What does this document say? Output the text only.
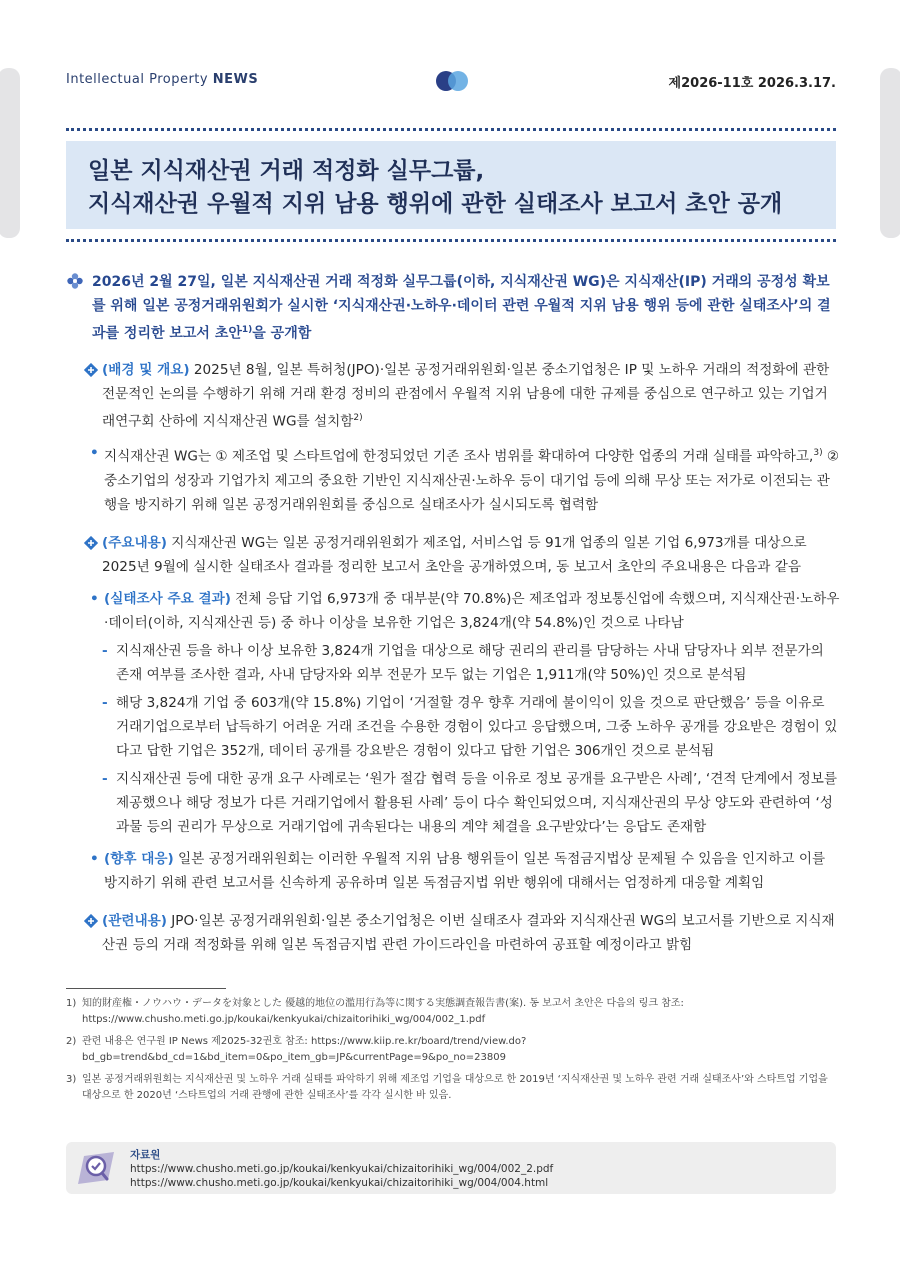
Intellectual Property NEWS	제2026-11호 2026.3.17.
일본 지식재산권 거래 적정화 실무그룹,
지식재산권 우월적 지위 남용 행위에 관한 실태조사 보고서 초안 공개
2026년 2월 27일, 일본 지식재산권 거래 적정화 실무그룹(이하, 지식재산권 WG)은 지식재산(IP) 거래의 공정성 확보를 위해 일본 공정거래위원회가 실시한 ‘지식재산권·노하우·데이터 관련 우월적 지위 남용 행위 등에 관한 실태조사’의 결과를 정리한 보고서 초안$^{1)}$을 공개함
(배경 및 개요) 2025년 8월, 일본 특허청(JPO)·일본 공정거래위원회·일본 중소기업청은 IP 및 노하우 거래의 적정화에 관한 전문적인 논의를 수행하기 위해 거래 환경 정비의 관점에서 우월적 지위 남용에 대한 규제를 중심으로 연구하고 있는 기업거래연구회 산하에 지식재산권 WG를 설치함$^{2)}$
• 지식재산권 WG는 ① 제조업 및 스타트업에 한정되었던 기존 조사 범위를 확대하여 다양한 업종의 거래 실태를 파악하고,$^{3)}$ ② 중소기업의 성장과 기업가치 제고의 중요한 기반인 지식재산권·노하우 등이 대기업 등에 의해 무상 또는 저가로 이전되는 관행을 방지하기 위해 일본 공정거래위원회를 중심으로 실태조사가 실시되도록 협력함
(주요내용) 지식재산권 WG는 일본 공정거래위원회가 제조업, 서비스업 등 91개 업종의 일본 기업 6,973개를 대상으로 2025년 9월에 실시한 실태조사 결과를 정리한 보고서 초안을 공개하였으며, 동 보고서 초안의 주요내용은 다음과 같음
• (실태조사 주요 결과) 전체 응답 기업 6,973개 중 대부분(약 70.8%)은 제조업과 정보통신업에 속했으며, 지식재산권·노하우·데이터(이하, 지식재산권 등) 중 하나 이상을 보유한 기업은 3,824개(약 54.8%)인 것으로 나타남
- 지식재산권 등을 하나 이상 보유한 3,824개 기업을 대상으로 해당 권리의 관리를 담당하는 사내 담당자나 외부 전문가의 존재 여부를 조사한 결과, 사내 담당자와 외부 전문가 모두 없는 기업은 1,911개(약 50%)인 것으로 분석됨
- 해당 3,824개 기업 중 603개(약 15.8%) 기업이 ‘거절할 경우 향후 거래에 불이익이 있을 것으로 판단했음’ 등을 이유로 거래기업으로부터 납득하기 어려운 거래 조건을 수용한 경험이 있다고 응답했으며, 그중 노하우 공개를 강요받은 경험이 있다고 답한 기업은 352개, 데이터 공개를 강요받은 경험이 있다고 답한 기업은 306개인 것으로 분석됨
- 지식재산권 등에 대한 공개 요구 사례로는 ‘원가 절감 협력 등을 이유로 정보 공개를 요구받은 사례’, ‘견적 단계에서 정보를 제공했으나 해당 정보가 다른 거래기업에서 활용된 사례’ 등이 다수 확인되었으며, 지식재산권의 무상 양도와 관련하여 ‘성과물 등의 권리가 무상으로 거래기업에 귀속된다는 내용의 계약 체결을 요구받았다’는 응답도 존재함
• (향후 대응) 일본 공정거래위원회는 이러한 우월적 지위 남용 행위들이 일본 독점금지법상 문제될 수 있음을 인지하고 이를 방지하기 위해 관련 보고서를 신속하게 공유하며 일본 독점금지법 위반 행위에 대해서는 엄정하게 대응할 계획임
(관련내용) JPO·일본 공정거래위원회·일본 중소기업청은 이번 실태조사 결과와 지식재산권 WG의 보고서를 기반으로 지식재산권 등의 거래 적정화를 위해 일본 독점금지법 관련 가이드라인을 마련하여 공표할 예정이라고 밝힘
1) 知的財産権・ノウハウ・データを対象とした 優越的地位の濫用行為等に関する実態調査報告書(案). 동 보고서 초안은 다음의 링크 참조: https://www.chusho.meti.go.jp/koukai/kenkyukai/chizaitorihiki_wg/004/002_1.pdf
2) 관련 내용은 연구원 IP News 제2025-32권호 참조: https://www.kiip.re.kr/board/trend/view.do?bd_gb=trend&bd_cd=1&bd_item=0&po_item_gb=JP&currentPage=9&po_no=23809
3) 일본 공정거래위원회는 지식재산권 및 노하우 거래 실태를 파악하기 위해 제조업 기업을 대상으로 한 2019년 ‘지식재산권 및 노하우 관련 거래 실태조사’와 스타트업 기업을 대상으로 한 2020년 ‘스타트업의 거래 관행에 관한 실태조사’를 각각 실시한 바 있음.
자료원
https://www.chusho.meti.go.jp/koukai/kenkyukai/chizaitorihiki_wg/004/002_2.pdf
https://www.chusho.meti.go.jp/koukai/kenkyukai/chizaitorihiki_wg/004/004.html
